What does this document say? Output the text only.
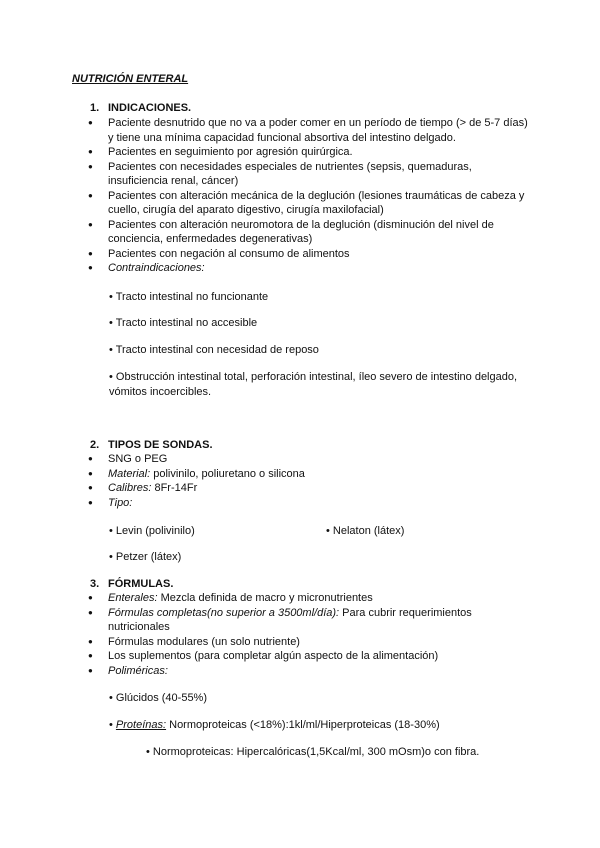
NUTRICIÓN ENTERAL
1. INDICACIONES.
● Paciente desnutrido que no va a poder comer en un período de tiempo (> de 5-7 días) y tiene una mínima capacidad funcional absortiva del intestino delgado.
● Pacientes en seguimiento por agresión quirúrgica.
● Pacientes con necesidades especiales de nutrientes (sepsis, quemaduras, insuficiencia renal, cáncer)
● Pacientes con alteración mecánica de la deglución (lesiones traumáticas de cabeza y cuello, cirugía del aparato digestivo, cirugía maxilofacial)
● Pacientes con alteración neuromotora de la deglución (disminución del nivel de conciencia, enfermedades degenerativas)
● Pacientes con negación al consumo de alimentos
● Contraindicaciones:
• Tracto intestinal no funcionante
• Tracto intestinal no accesible
• Tracto intestinal con necesidad de reposo
• Obstrucción intestinal total, perforación intestinal, íleo severo de intestino delgado, vómitos incoercibles.
2. TIPOS DE SONDAS.
● SNG o PEG
● Material: polivinilo, poliuretano o silicona
● Calibres: 8Fr-14Fr
● Tipo:
• Levin (polivinilo)	• Nelaton (látex)
• Petzer (látex)
3. FÓRMULAS.
● Enterales: Mezcla definida de macro y micronutrientes
● Fórmulas completas(no superior a 3500ml/día): Para cubrir requerimientos nutricionales
● Fórmulas modulares (un solo nutriente)
● Los suplementos (para completar algún aspecto de la alimentación)
● Poliméricas:
• Glúcidos (40-55%)
• Proteínas: Normoproteicas (<18%):1kl/ml/Hiperproteicas (18-30%)
• Normoproteicas: Hipercalóricas(1,5Kcal/ml, 300 mOsm)o con fibra.
